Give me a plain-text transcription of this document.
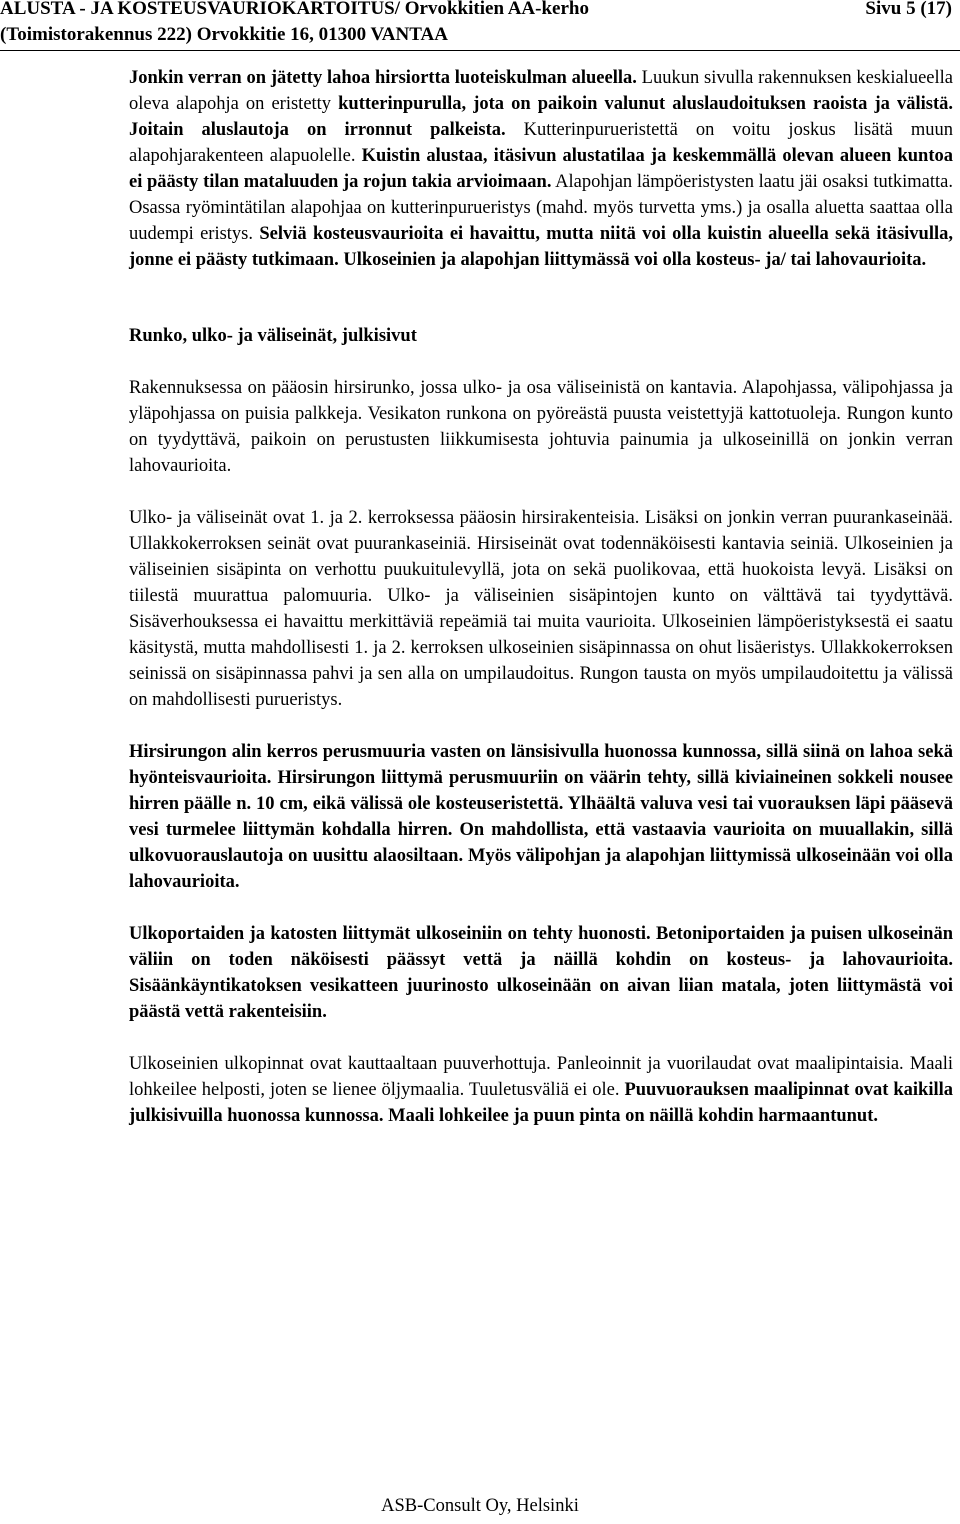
ALUSTA - JA KOSTEUSVAURIOKARTOITUS/ Orvokkitien AA-kerho	Sivu 5 (17)
(Toimistorakennus 222) Orvokkitie 16, 01300 VANTAA

Jonkin verran on jätetty lahoa hirsiortta luoteiskulman alueella. Luukun sivulla rakennuksen keskialueella oleva alapohja on eristetty kutterinpurulla, jota on paikoin valunut aluslaudoituksen raoista ja välistä. Joitain aluslautoja on irronnut palkeista. Kutterinpurueristettä on voitu joskus lisätä muun alapohjarakenteen alapuolelle. Kuistin alustaa, itäsivun alustatilaa ja keskemmällä olevan alueen kuntoa ei päästy tilan mataluuden ja rojun takia arvioimaan. Alapohjan lämpöeristysten laatu jäi osaksi tutkimatta. Osassa ryömintätilan alapohjaa on kutterinpurueristys (mahd. myös turvetta yms.) ja osalla aluetta saattaa olla uudempi eristys. Selviä kosteusvaurioita ei havaittu, mutta niitä voi olla kuistin alueella sekä itäsivulla, jonne ei päästy tutkimaan. Ulkoseinien ja alapohjan liittymässä voi olla kosteus- ja/ tai lahovaurioita.

Runko, ulko- ja väliseinät, julkisivut

Rakennuksessa on pääosin hirsirunko, jossa ulko- ja osa väliseinistä on kantavia. Alapohjassa, välipohjassa ja yläpohjassa on puisia palkkeja. Vesikaton runkona on pyöreästä puusta veistettyjä kattotuoleja. Rungon kunto on tyydyttävä, paikoin on perustusten liikkumisesta johtuvia painumia ja ulkoseinillä on jonkin verran lahovaurioita.

Ulko- ja väliseinät ovat 1. ja 2. kerroksessa pääosin hirsirakenteisia. Lisäksi on jonkin verran puurankaseinää. Ullakkokerroksen seinät ovat puurankaseiniä. Hirsiseinät ovat todennäköisesti kantavia seiniä. Ulkoseinien ja väliseinien sisäpinta on verhottu puukuitulevyllä, jota on sekä puolikovaa, että huokoista levyä. Lisäksi on tiilestä muurattua palomuuria. Ulko- ja väliseinien sisäpintojen kunto on välttävä tai tyydyttävä. Sisäverhouksessa ei havaittu merkittäviä repeämiä tai muita vaurioita. Ulkoseinien lämpöeristyksestä ei saatu käsitystä, mutta mahdollisesti 1. ja 2. kerroksen ulkoseinien sisäpinnassa on ohut lisäeristys. Ullakkokerroksen seinissä on sisäpinnassa pahvi ja sen alla on umpilaudoitus. Rungon tausta on myös umpilaudoitettu ja välissä on mahdollisesti purueristys.

Hirsirungon alin kerros perusmuuria vasten on länsisivulla huonossa kunnossa, sillä siinä on lahoa sekä hyönteisvaurioita. Hirsirungon liittymä perusmuuriin on väärin tehty, sillä kiviaineinen sokkeli nousee hirren päälle n. 10 cm, eikä välissä ole kosteuseristettä. Ylhäältä valuva vesi tai vuorauksen läpi pääsevä vesi turmelee liittymän kohdalla hirren. On mahdollista, että vastaavia vaurioita on muuallakin, sillä ulkovuorauslautoja on uusittu alaosiltaan. Myös välipohjan ja alapohjan liittymissä ulkoseinään voi olla lahovaurioita.

Ulkoportaiden ja katosten liittymät ulkoseiniin on tehty huonosti. Betoniportaiden ja puisen ulkoseinän väliin on toden näköisesti päässyt vettä ja näillä kohdin on kosteus- ja lahovaurioita. Sisäänkäyntikatoksen vesikatteen juurinosto ulkoseinään on aivan liian matala, joten liittymästä voi päästä vettä rakenteisiin.

Ulkoseinien ulkopinnat ovat kauttaaltaan puuverhottuja. Panleoinnit ja vuorilaudat ovat maalipintaisia. Maali lohkeilee helposti, joten se lienee öljymaalia. Tuuletusväliä ei ole. Puuvuorauksen maalipinnat ovat kaikilla julkisivuilla huonossa kunnossa. Maali lohkeilee ja puun pinta on näillä kohdin harmaantunut.

ASB-Consult Oy, Helsinki
